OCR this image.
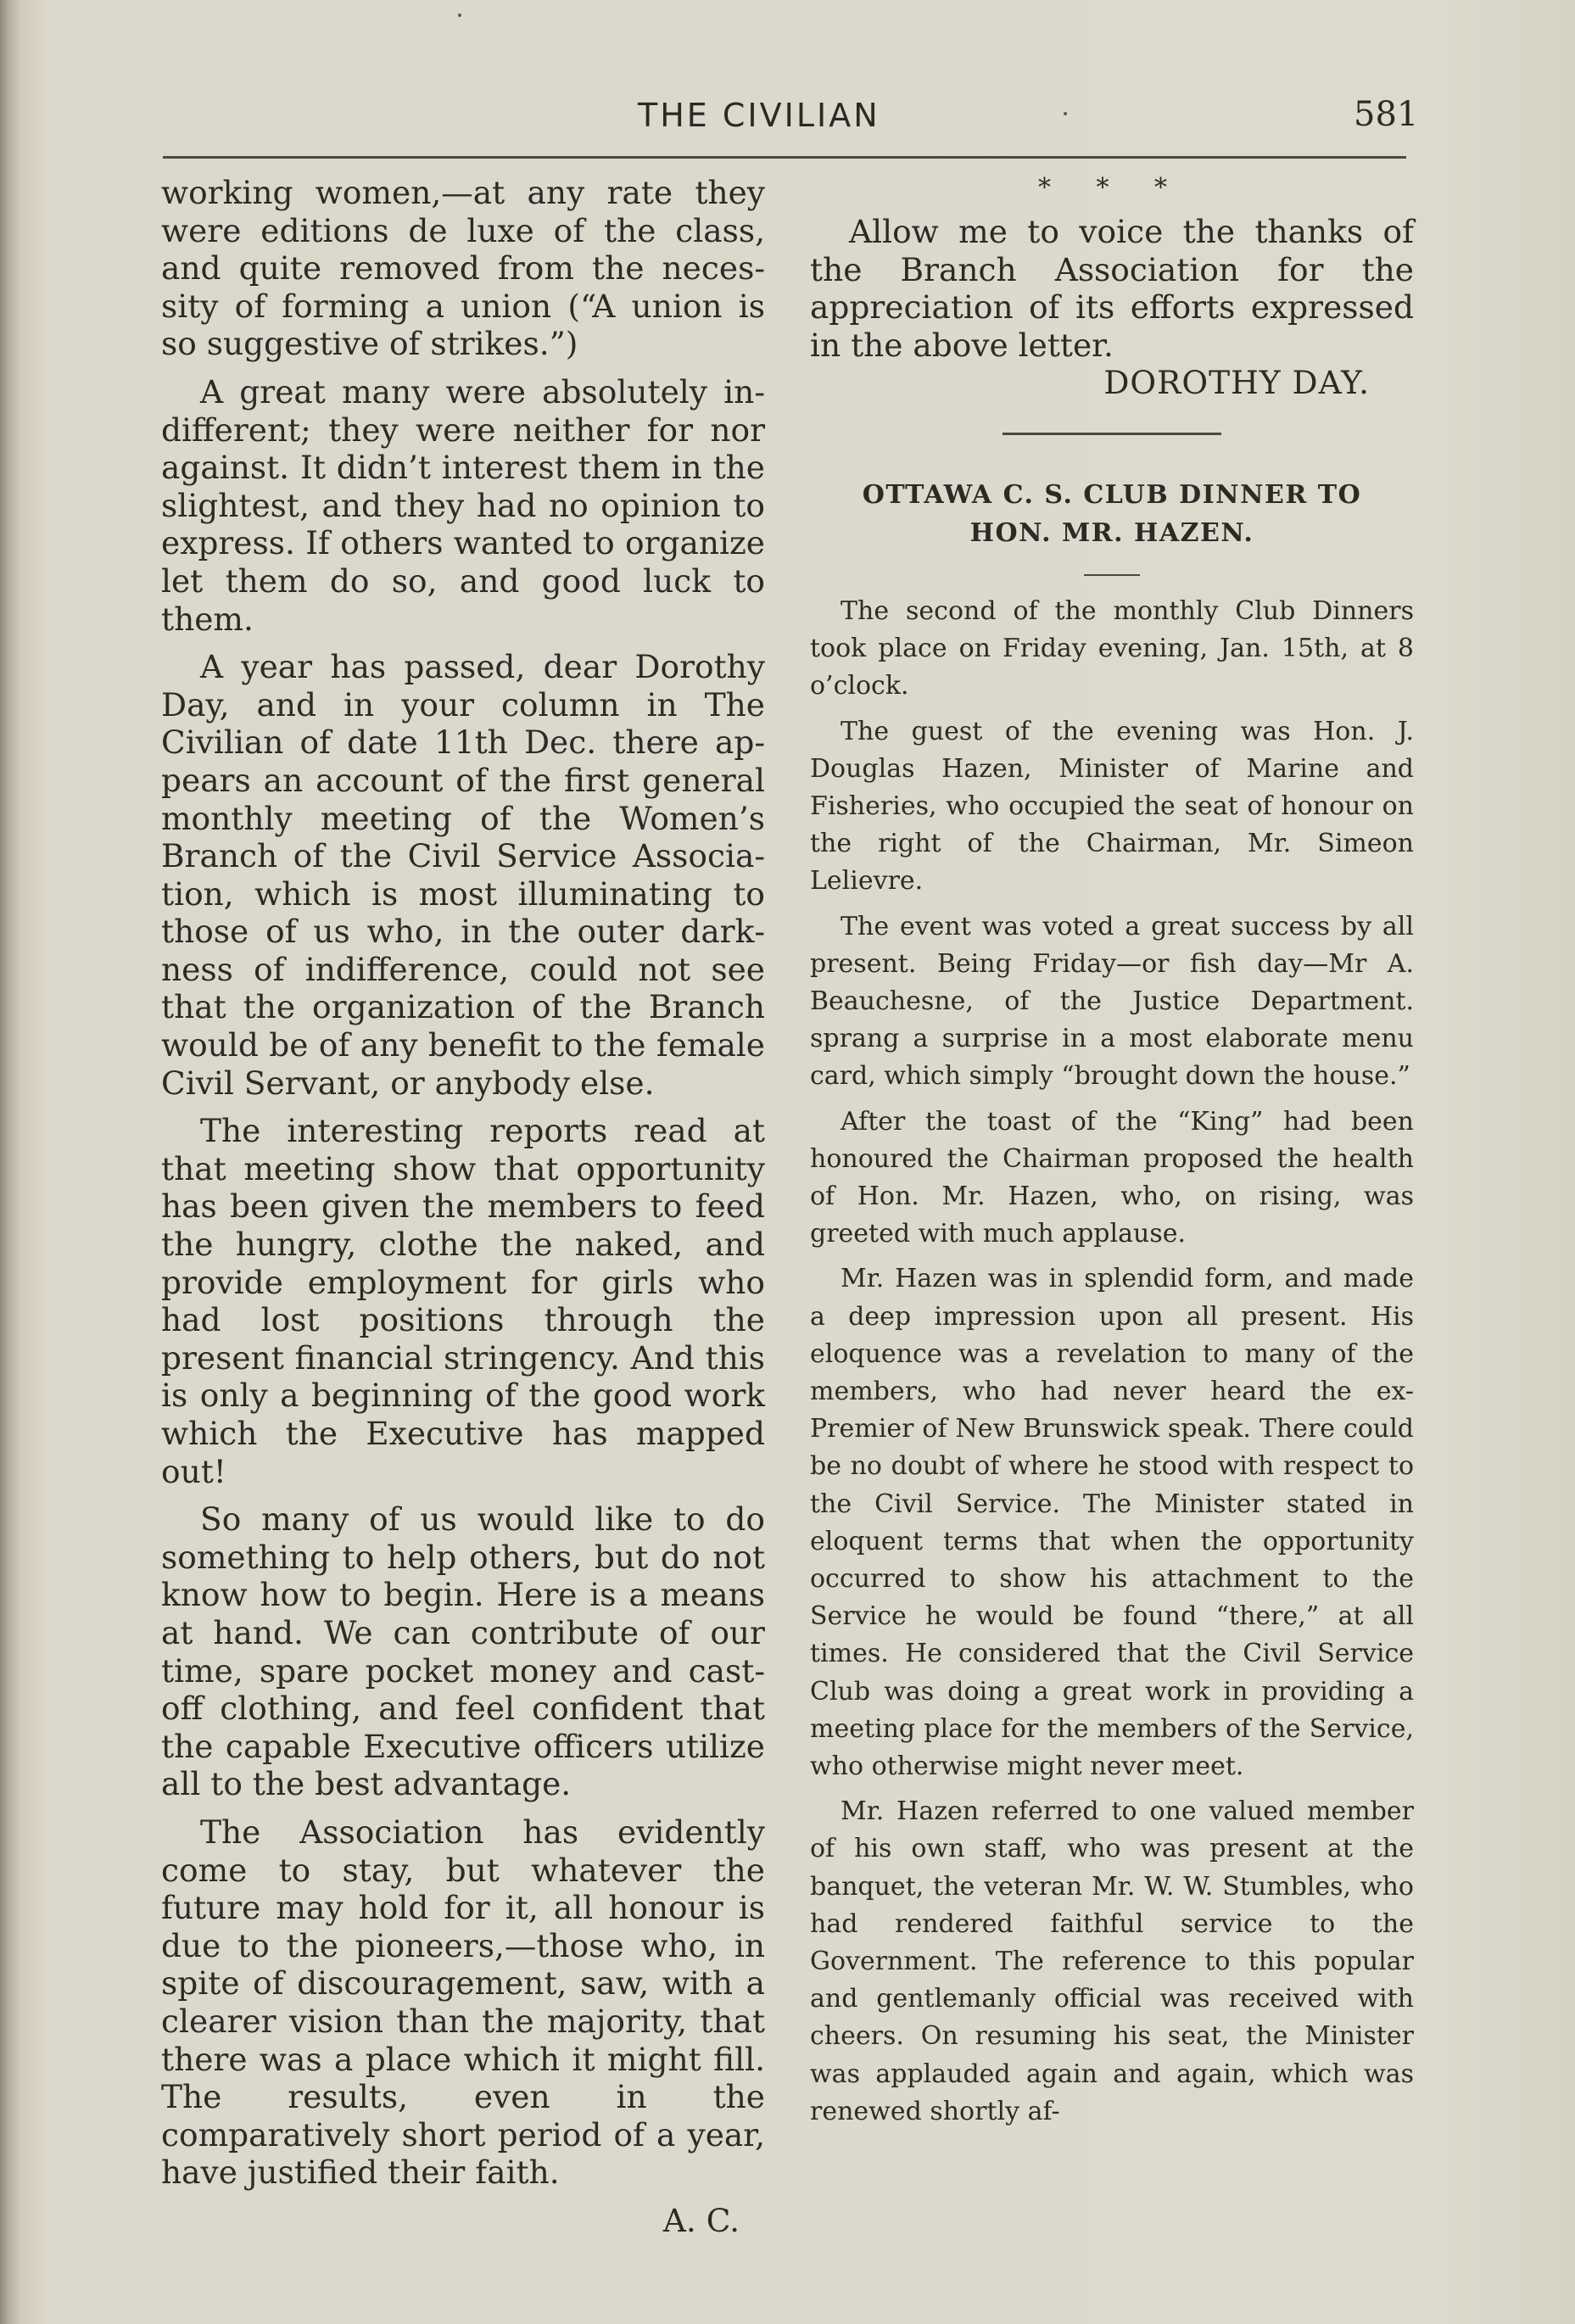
THE CIVILIAN	581

working women,—at any rate they were editions de luxe of the class, and quite removed from the necessity of forming a union (“A union is so suggestive of strikes.”)

A great many were absolutely indifferent; they were neither for nor against. It didn’t interest them in the slightest, and they had no opinion to express. If others wanted to organize let them do so, and good luck to them.

A year has passed, dear Dorothy Day, and in your column in The Civilian of date 11th Dec. there appears an account of the first general monthly meeting of the Women’s Branch of the Civil Service Association, which is most illuminating to those of us who, in the outer darkness of indifference, could not see that the organization of the Branch would be of any benefit to the female Civil Servant, or anybody else.

The interesting reports read at that meeting show that opportunity has been given the members to feed the hungry, clothe the naked, and provide employment for girls who had lost positions through the present financial stringency. And this is only a beginning of the good work which the Executive has mapped out!

So many of us would like to do something to help others, but do not know how to begin. Here is a means at hand. We can contribute of our time, spare pocket money and cast-off clothing, and feel confident that the capable Executive officers utilize all to the best advantage.

The Association has evidently come to stay, but whatever the future may hold for it, all honour is due to the pioneers,—those who, in spite of discouragement, saw, with a clearer vision than the majority, that there was a place which it might fill. The results, even in the comparatively short period of a year, have justified their faith.

A. C.
* * *

Allow me to voice the thanks of the Branch Association for the appreciation of its efforts expressed in the above letter.

DOROTHY DAY.

OTTAWA C. S. CLUB DINNER TO

HON. MR. HAZEN.

The second of the monthly Club Dinners took place on Friday evening, Jan. 15th, at 8 o’clock.

The guest of the evening was Hon. J. Douglas Hazen, Minister of Marine and Fisheries, who occupied the seat of honour on the right of the Chairman, Mr. Simeon Lelievre.

The event was voted a great success by all present. Being Friday—or fish day—Mr A. Beauchesne, of the Justice Department. sprang a surprise in a most elaborate menu card, which simply “brought down the house.”

After the toast of the “King” had been honoured the Chairman proposed the health of Hon. Mr. Hazen, who, on rising, was greeted with much applause.

Mr. Hazen was in splendid form, and made a deep impression upon all present. His eloquence was a revelation to many of the members, who had never heard the ex-Premier of New Brunswick speak. There could be no doubt of where he stood with respect to the Civil Service. The Minister stated in eloquent terms that when the opportunity occurred to show his attachment to the Service he would be found “there,” at all times. He considered that the Civil Service Club was doing a great work in providing a meeting place for the members of the Service, who otherwise might never meet.

Mr. Hazen referred to one valued member of his own staff, who was present at the banquet, the veteran Mr. W. W. Stumbles, who had rendered faithful service to the Government. The reference to this popular and gentlemanly official was received with cheers. On resuming his seat, the Minister was applauded again and again, which was renewed shortly af-
